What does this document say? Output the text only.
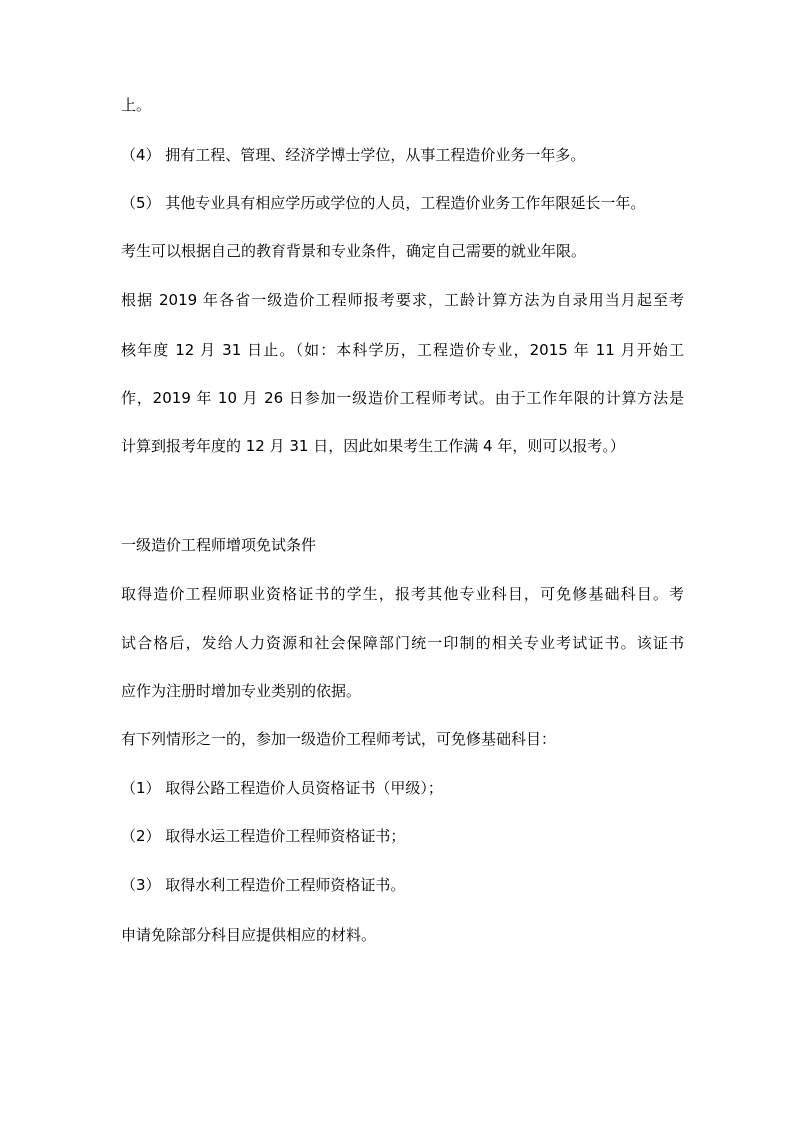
上。
（4） 拥有工程、管理、经济学博士学位，从事工程造价业务一年多。
（5） 其他专业具有相应学历或学位的人员，工程造价业务工作年限延长一年。
考生可以根据自己的教育背景和专业条件，确定自己需要的就业年限。
根据 2019 年各省一级造价工程师报考要求，工龄计算方法为自录用当月起至考
核年度 12 月 31 日止。（如：本科学历，工程造价专业，2015 年 11 月开始工
作，2019 年 10 月 26 日参加一级造价工程师考试。由于工作年限的计算方法是
计算到报考年度的 12 月 31 日，因此如果考生工作满 4 年，则可以报考。）
一级造价工程师增项免试条件
取得造价工程师职业资格证书的学生，报考其他专业科目，可免修基础科目。考
试合格后，发给人力资源和社会保障部门统一印制的相关专业考试证书。该证书
应作为注册时增加专业类别的依据。
有下列情形之一的，参加一级造价工程师考试，可免修基础科目：
（1） 取得公路工程造价人员资格证书（甲级）；
（2） 取得水运工程造价工程师资格证书；
（3） 取得水利工程造价工程师资格证书。
申请免除部分科目应提供相应的材料。
